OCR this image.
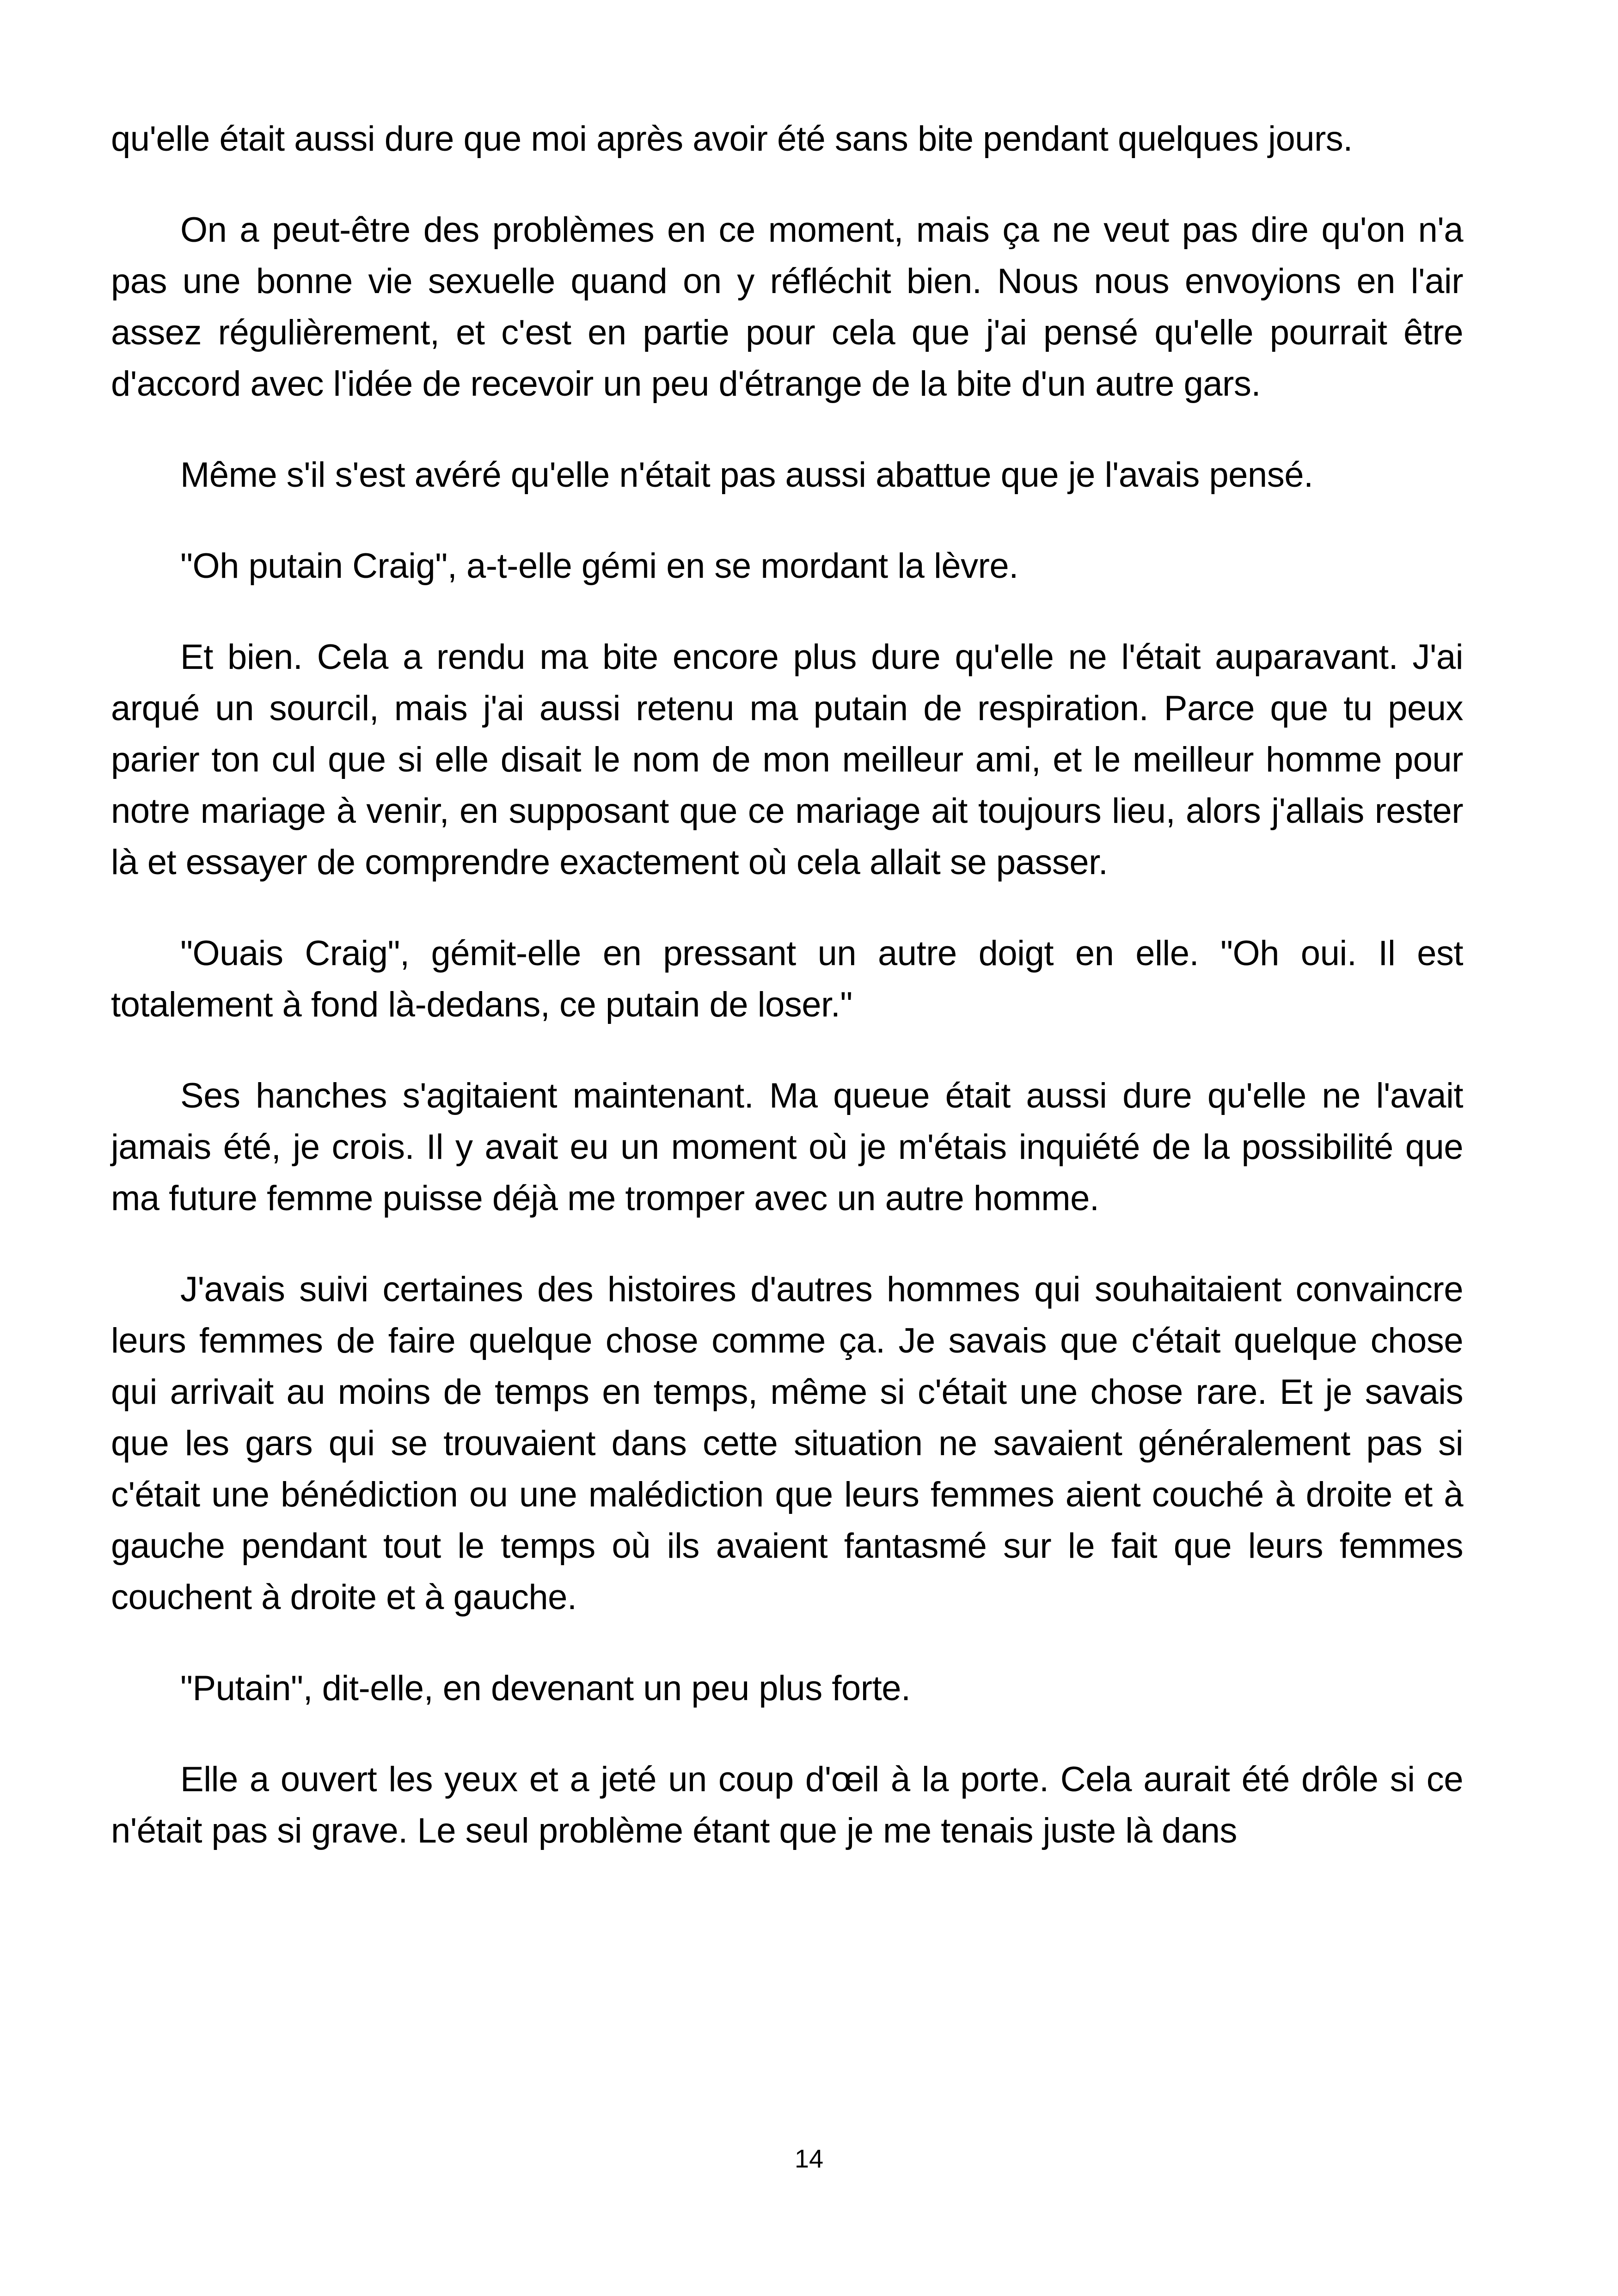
qu'elle était aussi dure que moi après avoir été sans bite pendant quelques jours.

On a peut-être des problèmes en ce moment, mais ça ne veut pas dire qu'on n'a pas une bonne vie sexuelle quand on y réfléchit bien. Nous nous envoyions en l'air assez régulièrement, et c'est en partie pour cela que j'ai pensé qu'elle pourrait être d'accord avec l'idée de recevoir un peu d'étrange de la bite d'un autre gars.

Même s'il s'est avéré qu'elle n'était pas aussi abattue que je l'avais pensé.

"Oh putain Craig", a-t-elle gémi en se mordant la lèvre.

Et bien. Cela a rendu ma bite encore plus dure qu'elle ne l'était auparavant. J'ai arqué un sourcil, mais j'ai aussi retenu ma putain de respiration. Parce que tu peux parier ton cul que si elle disait le nom de mon meilleur ami, et le meilleur homme pour notre mariage à venir, en supposant que ce mariage ait toujours lieu, alors j'allais rester là et essayer de comprendre exactement où cela allait se passer.

"Ouais Craig", gémit-elle en pressant un autre doigt en elle. "Oh oui. Il est totalement à fond là-dedans, ce putain de loser."

Ses hanches s'agitaient maintenant. Ma queue était aussi dure qu'elle ne l'avait jamais été, je crois. Il y avait eu un moment où je m'étais inquiété de la possibilité que ma future femme puisse déjà me tromper avec un autre homme.

J'avais suivi certaines des histoires d'autres hommes qui souhaitaient convaincre leurs femmes de faire quelque chose comme ça. Je savais que c'était quelque chose qui arrivait au moins de temps en temps, même si c'était une chose rare. Et je savais que les gars qui se trouvaient dans cette situation ne savaient généralement pas si c'était une bénédiction ou une malédiction que leurs femmes aient couché à droite et à gauche pendant tout le temps où ils avaient fantasmé sur le fait que leurs femmes couchent à droite et à gauche.

"Putain", dit-elle, en devenant un peu plus forte.

Elle a ouvert les yeux et a jeté un coup d'œil à la porte. Cela aurait été drôle si ce n'était pas si grave. Le seul problème étant que je me tenais juste là dans

14
